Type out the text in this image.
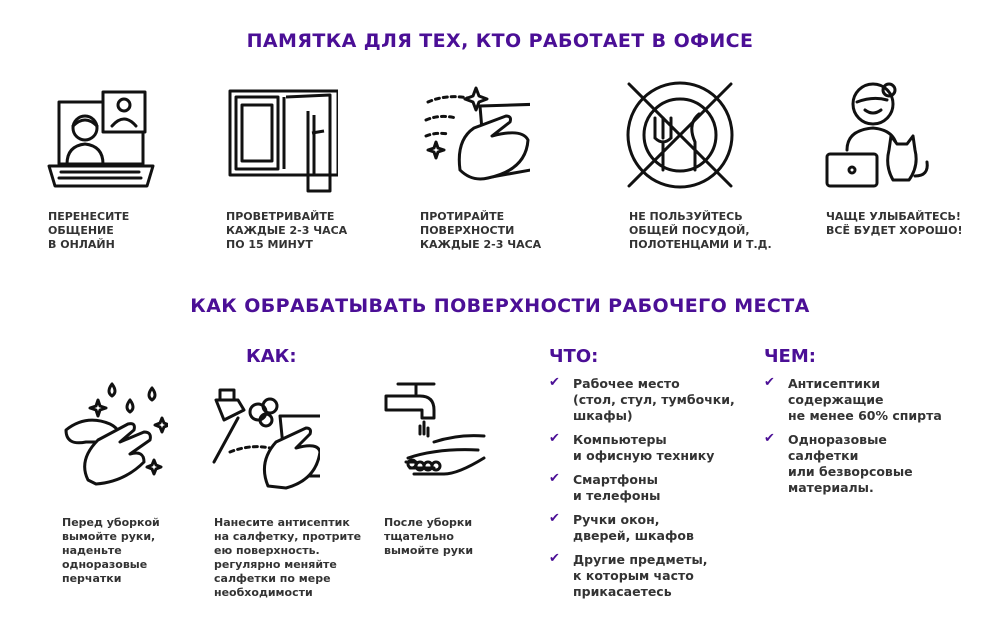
ПАМЯТКА ДЛЯ ТЕХ, КТО РАБОТАЕТ В ОФИСЕ
ПЕРЕНЕСИТЕ
ОБЩЕНИЕ
В ОНЛАЙН
ПРОВЕТРИВАЙТЕ
КАЖДЫЕ 2-3 ЧАСА
ПО 15 МИНУТ
ПРОТИРАЙТЕ
ПОВЕРХНОСТИ
КАЖДЫЕ 2-3 ЧАСА
НЕ ПОЛЬЗУЙТЕСЬ
ОБЩЕЙ ПОСУДОЙ,
ПОЛОТЕНЦАМИ И Т.Д.
ЧАЩЕ УЛЫБАЙТЕСЬ!
ВСЁ БУДЕТ ХОРОШО!
КАК ОБРАБАТЫВАТЬ ПОВЕРХНОСТИ РАБОЧЕГО МЕСТА
КАК:
Перед уборкой
вымойте руки,
наденьте
одноразовые
перчатки
Нанесите антисептик
на салфетку, протрите
ею поверхность.
регулярно меняйте
салфетки по мере
необходимости
После уборки
тщательно
вымойте руки
ЧТО:
✔ Рабочее место
(стол, стул, тумбочки,
шкафы)
✔ Компьютеры
и офисную технику
✔ Смартфоны
и телефоны
✔ Ручки окон,
дверей, шкафов
✔ Другие предметы,
к которым часто
прикасаетесь
ЧЕМ:
✔ Антисептики
содержащие
не менее 60% спирта
✔ Одноразовые
салфетки
или безворсовые
материалы.
